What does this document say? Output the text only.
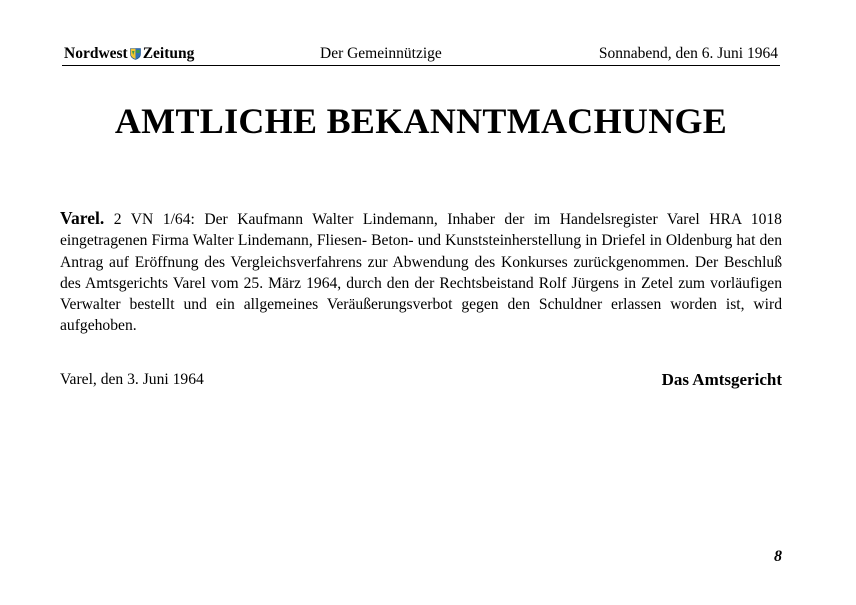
Nordwest Zeitung	Der Gemeinnützige	Sonnabend, den 6. Juni 1964
AMTLICHE BEKANNTMACHUNGE
Varel. 2 VN 1/64: Der Kaufmann Walter Lindemann, Inhaber der im Handelsregister Varel HRA 1018 eingetragenen Firma Walter Lindemann, Fliesen- Beton- und Kunststeinherstellung in Driefel in Oldenburg hat den Antrag auf Eröffnung des Vergleichsverfahrens zur Abwendung des Konkurses zurückgenommen. Der Beschluß des Amtsgerichts Varel vom 25. März 1964, durch den der Rechtsbeistand Rolf Jürgens in Zetel zum vorläufigen Verwalter bestellt und ein allgemeines Veräußerungsverbot gegen den Schuldner erlassen worden ist, wird aufgehoben.
Varel, den 3. Juni 1964	Das Amtsgericht
8
